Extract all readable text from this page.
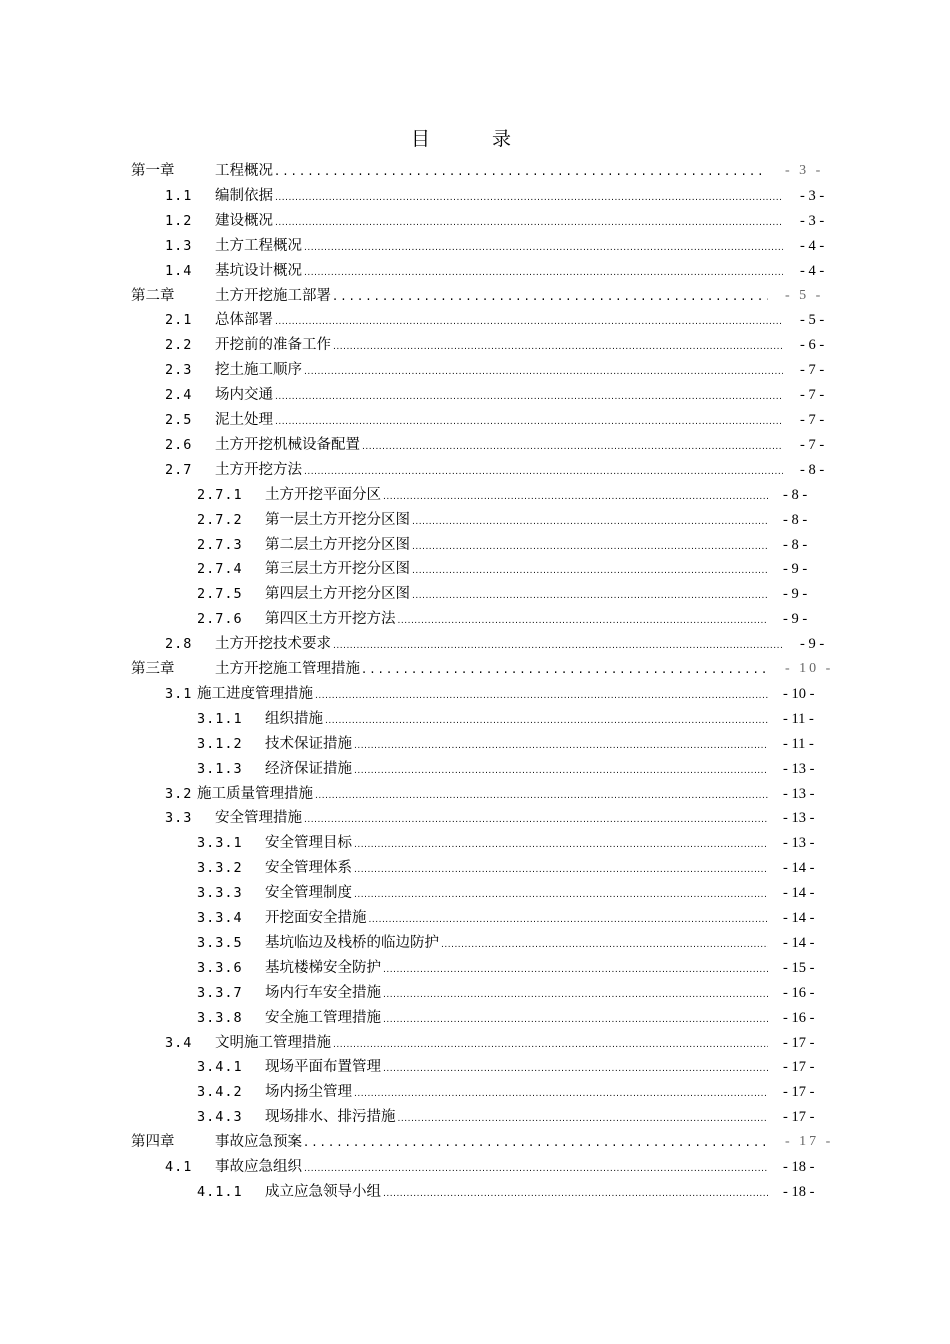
目 录
第一章	工程概况 .....	- 3 -
1.1 编制依据 .....	- 3 -
1.2 建设概况 .....	- 3 -
1.3 土方工程概况 .....	- 4 -
1.4 基坑设计概况 .....	- 4 -
第二章	土方开挖施工部署 .....	- 5 -
2.1 总体部署 .....	- 5 -
2.2 开挖前的准备工作 .....	- 6 -
2.3 挖土施工顺序 .....	- 7 -
2.4 场内交通 .....	- 7 -
2.5 泥土处理 .....	- 7 -
2.6 土方开挖机械设备配置 .....	- 7 -
2.7 土方开挖方法 .....	- 8 -
2.7.1 土方开挖平面分区 .....	- 8 -
2.7.2 第一层土方开挖分区图 .....	- 8 -
2.7.3 第二层土方开挖分区图 .....	- 8 -
2.7.4 第三层土方开挖分区图 .....	- 9 -
2.7.5 第四层土方开挖分区图 .....	- 9 -
2.7.6 第四区土方开挖方法 .....	- 9 -
2.8 土方开挖技术要求 .....	- 9 -
第三章	土方开挖施工管理措施 .....	- 10 -
3.1 施工进度管理措施 .....	- 10 -
3.1.1 组织措施 .....	- 11 -
3.1.2 技术保证措施 .....	- 11 -
3.1.3 经济保证措施 .....	- 13 -
3.2 施工质量管理措施 .....	- 13 -
3.3 安全管理措施 .....	- 13 -
3.3.1 安全管理目标 .....	- 13 -
3.3.2 安全管理体系 .....	- 14 -
3.3.3 安全管理制度 .....	- 14 -
3.3.4 开挖面安全措施 .....	- 14 -
3.3.5 基坑临边及栈桥的临边防护 .....	- 14 -
3.3.6 基坑楼梯安全防护 .....	- 15 -
3.3.7 场内行车安全措施 .....	- 16 -
3.3.8 安全施工管理措施 .....	- 16 -
3.4 文明施工管理措施 .....	- 17 -
3.4.1 现场平面布置管理 .....	- 17 -
3.4.2 场内扬尘管理 .....	- 17 -
3.4.3 现场排水、排污措施 .....	- 17 -
第四章	事故应急预案 .....	- 17 -
4.1 事故应急组织 .....	- 18 -
4.1.1 成立应急领导小组 .....	- 18 -
